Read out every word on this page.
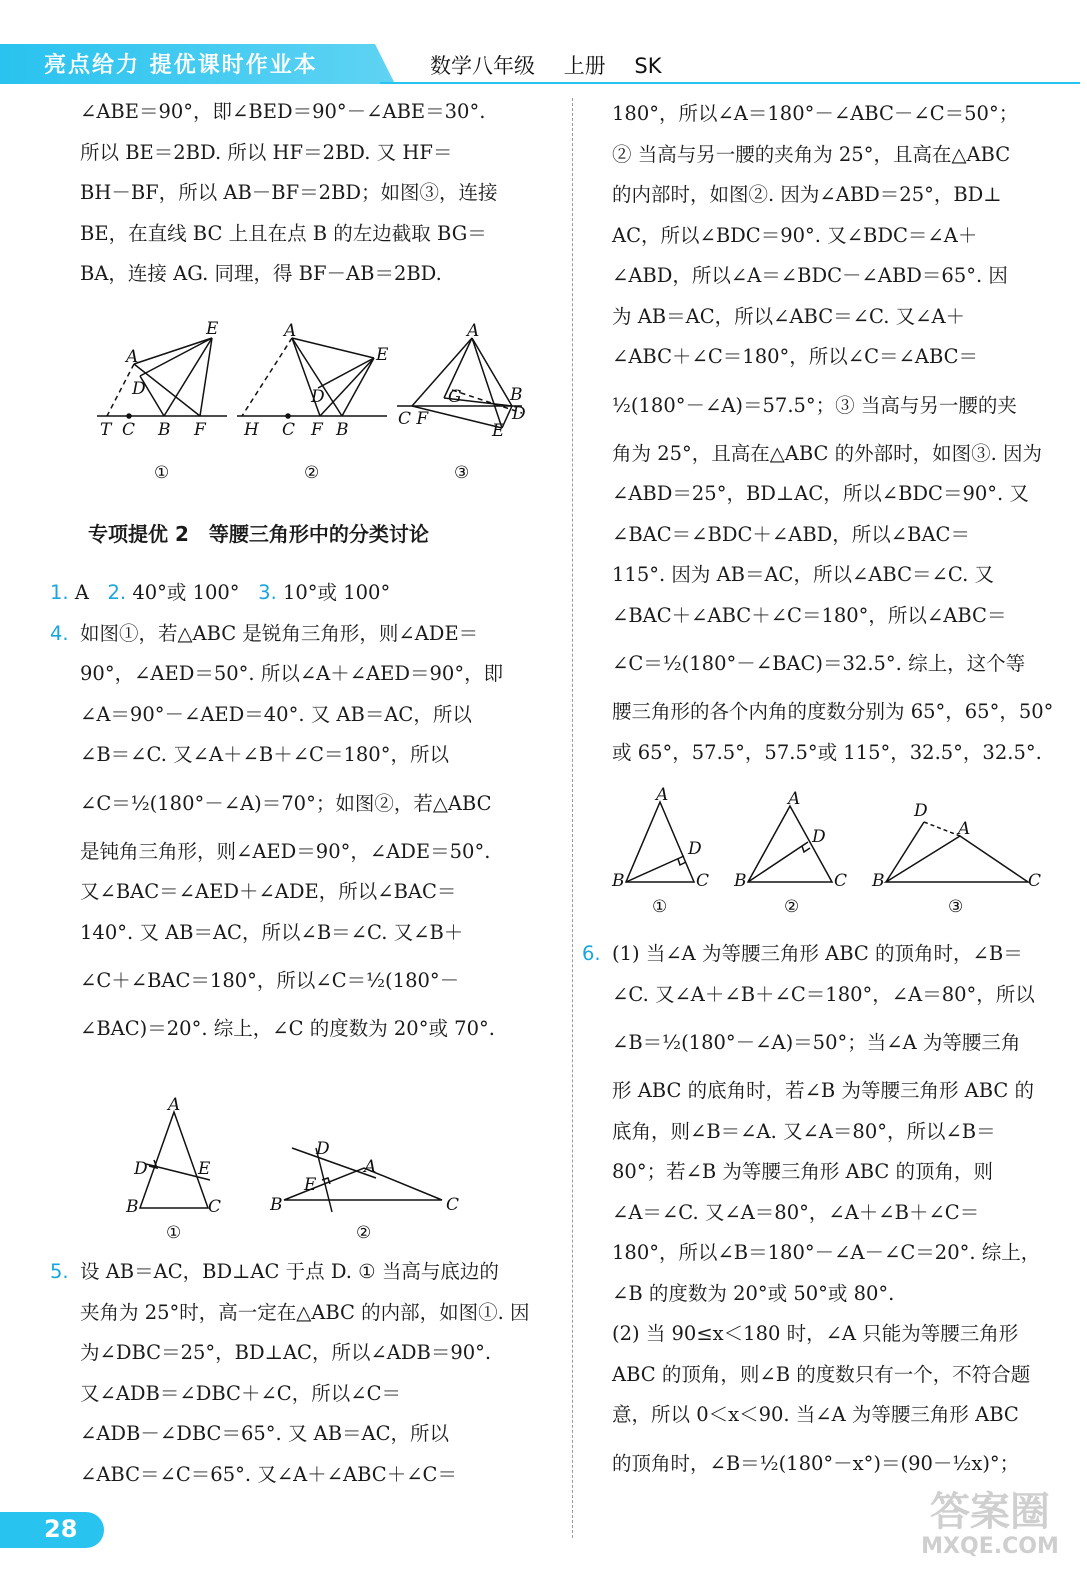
亮点给力 提优课时作业本	数学八年级 上册 SK

∠ABE＝90°，即∠BED＝90°－∠ABE＝30°.

所以 BE＝2BD. 所以 HF＝2BD. 又 HF＝

BH－BF，所以 AB－BF＝2BD；如图③，连接

BE，在直线 BC 上且在点 B 的左边截取 BG＝

BA，连接 AG. 同理，得 BF－AB＝2BD.

E
A
D
T C B F
A
E
D
H C F B
A
G	B
D
C F
E
①	②	③

专项提优 2　等腰三角形中的分类讨论

1. A 2. 40°或 100° 3. 10°或 100°

4. 如图①，若△ABC 是锐角三角形，则∠ADE＝

90°，∠AED＝50°. 所以∠A＋∠AED＝90°，即

∠A＝90°－∠AED＝40°. 又 AB＝AC，所以

∠B＝∠C. 又∠A＋∠B＋∠C＝180°，所以

∠C＝½(180°－∠A)＝70°；如图②，若△ABC

是钝角三角形，则∠AED＝90°，∠ADE＝50°.

又∠BAC＝∠AED＋∠ADE，所以∠BAC＝

140°. 又 AB＝AC，所以∠B＝∠C. 又∠B＋

∠C＋∠BAC＝180°，所以∠C＝½(180°－

∠BAC)＝20°. 综上，∠C 的度数为 20°或 70°.

A
D	E
B	C
D
A
E
B	C
①	②
5. 设 AB＝AC，BD⊥AC 于点 D. ① 当高与底边的

夹角为 25°时，高一定在△ABC 的内部，如图①. 因

为∠DBC＝25°，BD⊥AC，所以∠ADB＝90°.

又∠ADB＝∠DBC＋∠C，所以∠C＝

∠ADB－∠DBC＝65°. 又 AB＝AC，所以

∠ABC＝∠C＝65°. 又∠A＋∠ABC＋∠C＝

180°，所以∠A＝180°－∠ABC－∠C＝50°；

② 当高与另一腰的夹角为 25°，且高在△ABC

的内部时，如图②. 因为∠ABD＝25°，BD⊥

AC，所以∠BDC＝90°. 又∠BDC＝∠A＋

∠ABD，所以∠A＝∠BDC－∠ABD＝65°. 因

为 AB＝AC，所以∠ABC＝∠C. 又∠A＋

∠ABC＋∠C＝180°，所以∠C＝∠ABC＝

½(180°－∠A)＝57.5°；③ 当高与另一腰的夹

角为 25°，且高在△ABC 的外部时，如图③. 因为

∠ABD＝25°，BD⊥AC，所以∠BDC＝90°. 又

∠BAC＝∠BDC＋∠ABD，所以∠BAC＝

115°. 因为 AB＝AC，所以∠ABC＝∠C. 又

∠BAC＋∠ABC＋∠C＝180°，所以∠ABC＝

∠C＝½(180°－∠BAC)＝32.5°. 综上，这个等

腰三角形的各个内角的度数分别为 65°，65°，50°

或 65°，57.5°，57.5°或 115°，32.5°，32.5°.

A
D
B	C
A
D
B	C
D
A
B	C
①	②	③
6. (1) 当∠A 为等腰三角形 ABC 的顶角时，∠B＝

∠C. 又∠A＋∠B＋∠C＝180°，∠A＝80°，所以

∠B＝½(180°－∠A)＝50°；当∠A 为等腰三角

形 ABC 的底角时，若∠B 为等腰三角形 ABC 的

底角，则∠B＝∠A. 又∠A＝80°，所以∠B＝

80°；若∠B 为等腰三角形 ABC 的顶角，则

∠A＝∠C. 又∠A＝80°，∠A＋∠B＋∠C＝

180°，所以∠B＝180°－∠A－∠C＝20°. 综上，

∠B 的度数为 20°或 50°或 80°.

(2) 当 90≤x＜180 时，∠A 只能为等腰三角形

ABC 的顶角，则∠B 的度数只有一个，不符合题

意，所以 0＜x＜90. 当∠A 为等腰三角形 ABC

的顶角时，∠B＝½(180°－x°)＝(90－½x)°；

28	答案圈
MXQE.COM
